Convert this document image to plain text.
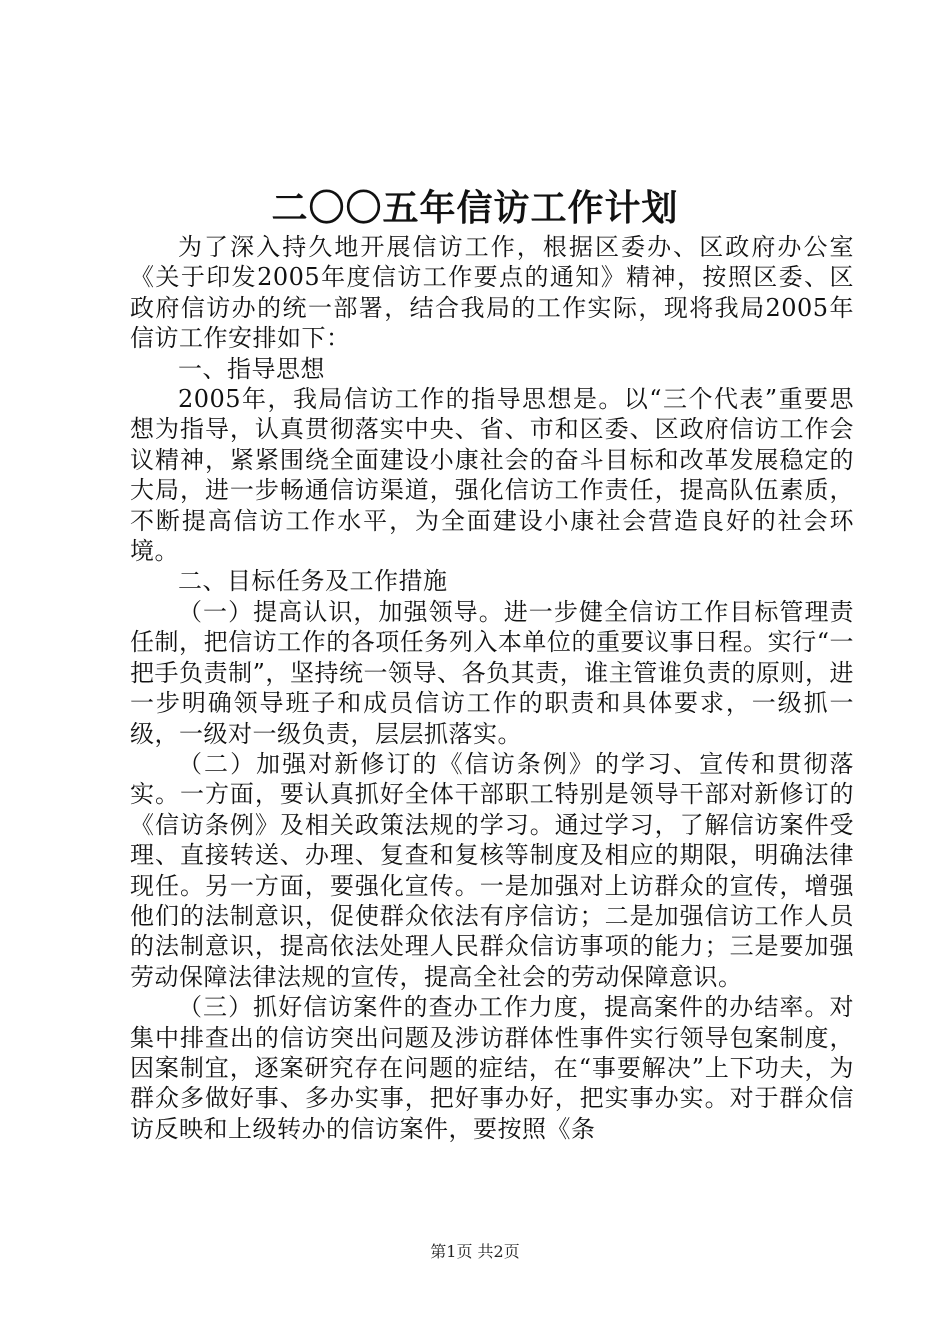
二〇〇五年信访工作计划

为了深入持久地开展信访工作，根据区委办、区政府办公室《关于印发2005年度信访工作要点的通知》精神，按照区委、区政府信访办的统一部署，结合我局的工作实际，现将我局2005年信访工作安排如下：

一、指导思想

2005年，我局信访工作的指导思想是。以“三个代表”重要思想为指导，认真贯彻落实中央、省、市和区委、区政府信访工作会议精神，紧紧围绕全面建设小康社会的奋斗目标和改革发展稳定的大局，进一步畅通信访渠道，强化信访工作责任，提高队伍素质，不断提高信访工作水平，为全面建设小康社会营造良好的社会环境。

二、目标任务及工作措施

（一）提高认识，加强领导。进一步健全信访工作目标管理责任制，把信访工作的各项任务列入本单位的重要议事日程。实行“一把手负责制”，坚持统一领导、各负其责，谁主管谁负责的原则，进一步明确领导班子和成员信访工作的职责和具体要求，一级抓一级，一级对一级负责，层层抓落实。

（二）加强对新修订的《信访条例》的学习、宣传和贯彻落实。一方面，要认真抓好全体干部职工特别是领导干部对新修订的《信访条例》及相关政策法规的学习。通过学习，了解信访案件受理、直接转送、办理、复查和复核等制度及相应的期限，明确法律现任。另一方面，要强化宣传。一是加强对上访群众的宣传，增强他们的法制意识，促使群众依法有序信访；二是加强信访工作人员的法制意识，提高依法处理人民群众信访事项的能力；三是要加强劳动保障法律法规的宣传，提高全社会的劳动保障意识。

（三）抓好信访案件的查办工作力度，提高案件的办结率。对集中排查出的信访突出问题及涉访群体性事件实行领导包案制度，因案制宜，逐案研究存在问题的症结，在“事要解决”上下功夫，为群众多做好事、多办实事，把好事办好，把实事办实。对于群众信访反映和上级转办的信访案件，要按照《条

第1页 共2页
